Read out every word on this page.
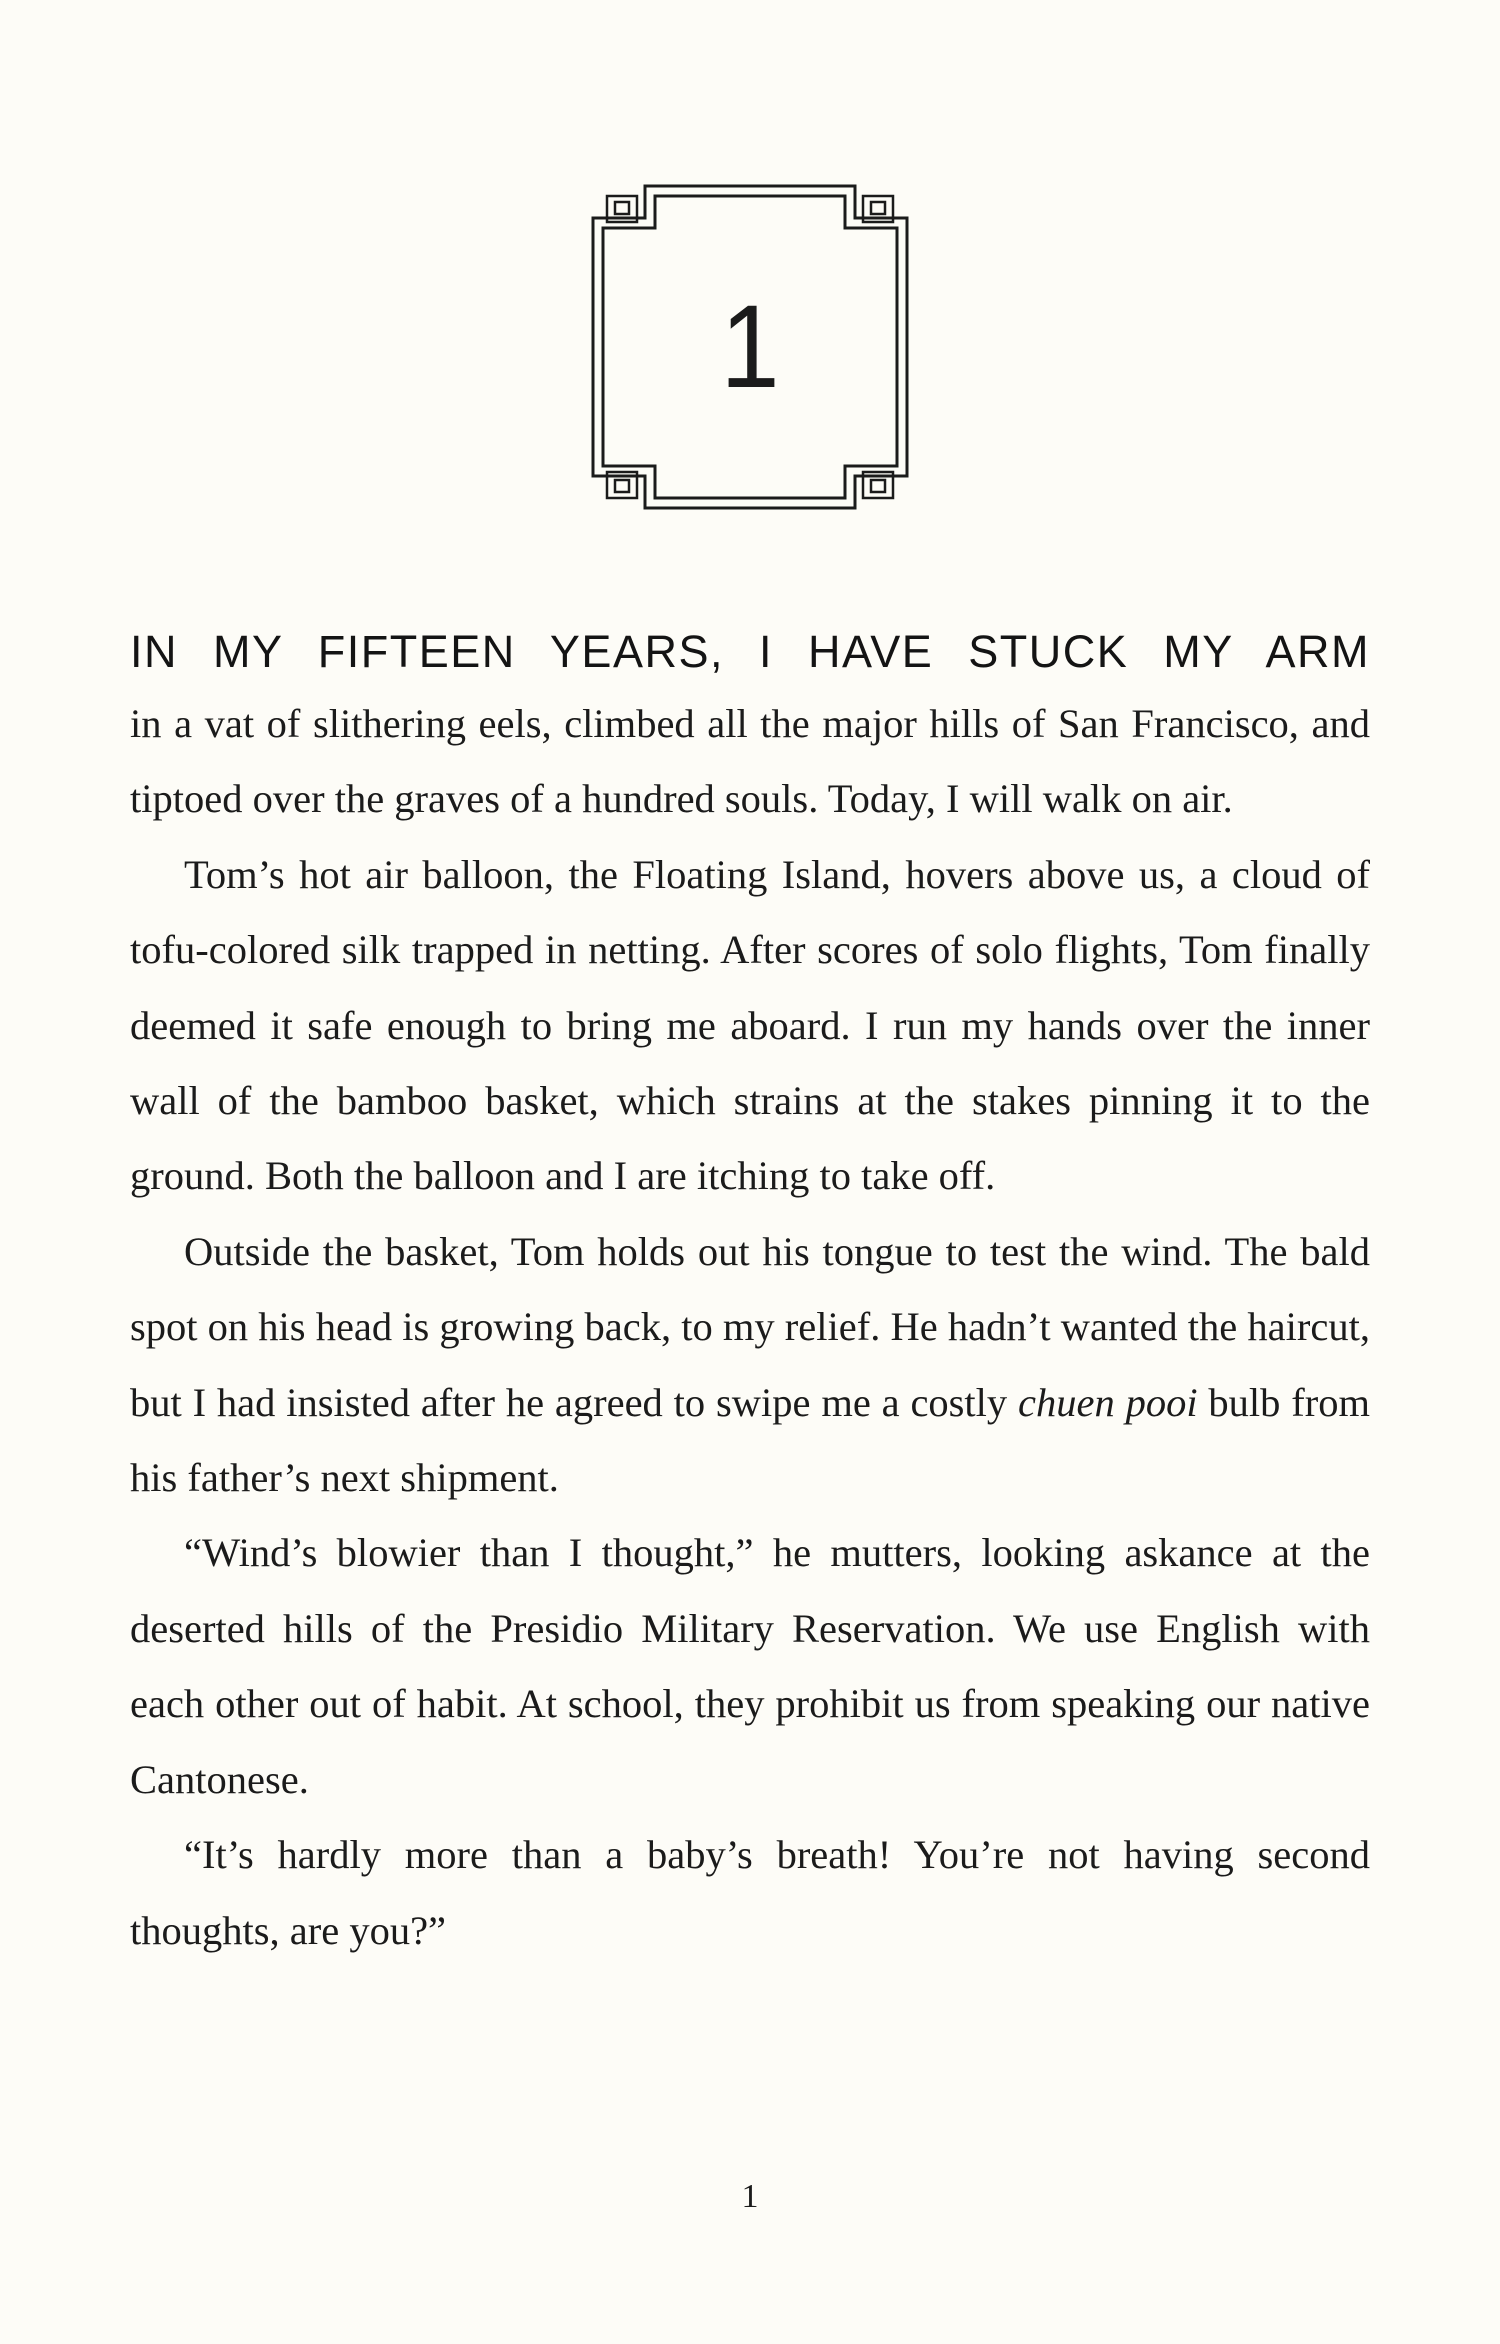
1
IN MY FIFTEEN YEARS, I HAVE STUCK MY ARM

in a vat of slithering eels, climbed all the major hills of San Francisco, and tiptoed over the graves of a hundred souls. Today, I will walk on air.

Tom’s hot air balloon, the Floating Island, hovers above us, a cloud of tofu-colored silk trapped in netting. After scores of solo flights, Tom finally deemed it safe enough to bring me aboard. I run my hands over the inner wall of the bamboo basket, which strains at the stakes pinning it to the ground. Both the balloon and I are itching to take off.

Outside the basket, Tom holds out his tongue to test the wind. The bald spot on his head is growing back, to my relief. He hadn’t wanted the haircut, but I had insisted after he agreed to swipe me a costly chuen pooi bulb from his father’s next shipment.

“Wind’s blowier than I thought,” he mutters, looking askance at the deserted hills of the Presidio Military Reservation. We use English with each other out of habit. At school, they prohibit us from speaking our native Cantonese.

“It’s hardly more than a baby’s breath! You’re not having second thoughts, are you?”

1
